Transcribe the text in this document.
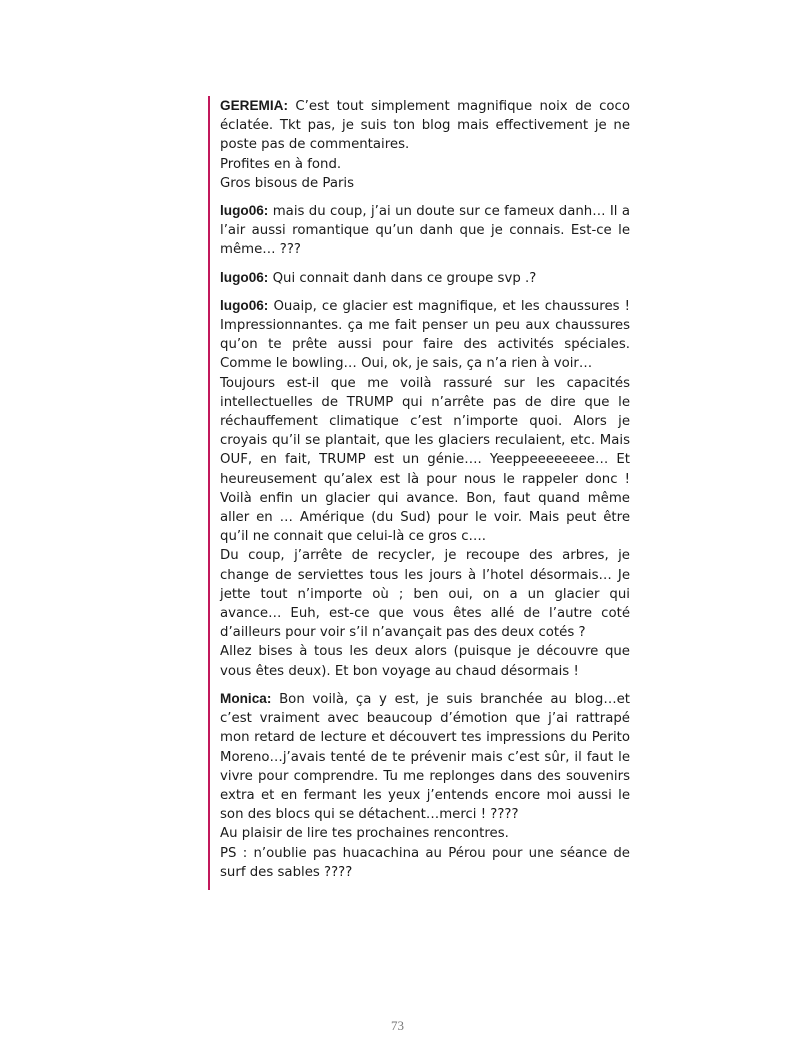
GEREMIA: C’est tout simplement magnifique noix de coco éclatée. Tkt pas, je suis ton blog mais effectivement je ne poste pas de commentaires.
Profites en à fond.
Gros bisous de Paris
lugo06: mais du coup, j’ai un doute sur ce fameux danh… Il a l’air aussi romantique qu’un danh que je connais. Est-ce le même… ???
lugo06: Qui connait danh dans ce groupe svp .?
lugo06: Ouaip, ce glacier est magnifique, et les chaussures ! Impressionnantes. ça me fait penser un peu aux chaussures qu’on te prête aussi pour faire des activités spéciales. Comme le bowling… Oui, ok, je sais, ça n’a rien à voir…
Toujours est-il que me voilà rassuré sur les capacités intellectuelles de TRUMP qui n’arrête pas de dire que le réchauffement climatique c’est n’importe quoi. Alors je croyais qu’il se plantait, que les glaciers reculaient, etc. Mais OUF, en fait, TRUMP est un génie…. Yeeppeeeeeeee… Et heureusement qu’alex est là pour nous le rappeler donc ! Voilà enfin un glacier qui avance. Bon, faut quand même aller en … Amérique (du Sud) pour le voir. Mais peut être qu’il ne connait que celui-là ce gros c….
Du coup, j’arrête de recycler, je recoupe des arbres, je change de serviettes tous les jours à l’hotel désormais… Je jette tout n’importe où ; ben oui, on a un glacier qui avance… Euh, est-ce que vous êtes allé de l’autre coté d’ailleurs pour voir s’il n’avançait pas des deux cotés ?
Allez bises à tous les deux alors (puisque je découvre que vous êtes deux). Et bon voyage au chaud désormais !
Monica: Bon voilà, ça y est, je suis branchée au blog…et c’est vraiment avec beaucoup d’émotion que j’ai rattrapé mon retard de lecture et découvert tes impressions du Perito Moreno…j’avais tenté de te prévenir mais c’est sûr, il faut le vivre pour comprendre. Tu me replonges dans des souvenirs extra et en fermant les yeux j’entends encore moi aussi le son des blocs qui se détachent…merci ! ????
Au plaisir de lire tes prochaines rencontres.
PS : n’oublie pas huacachina au Pérou pour une séance de surf des sables ????
73
